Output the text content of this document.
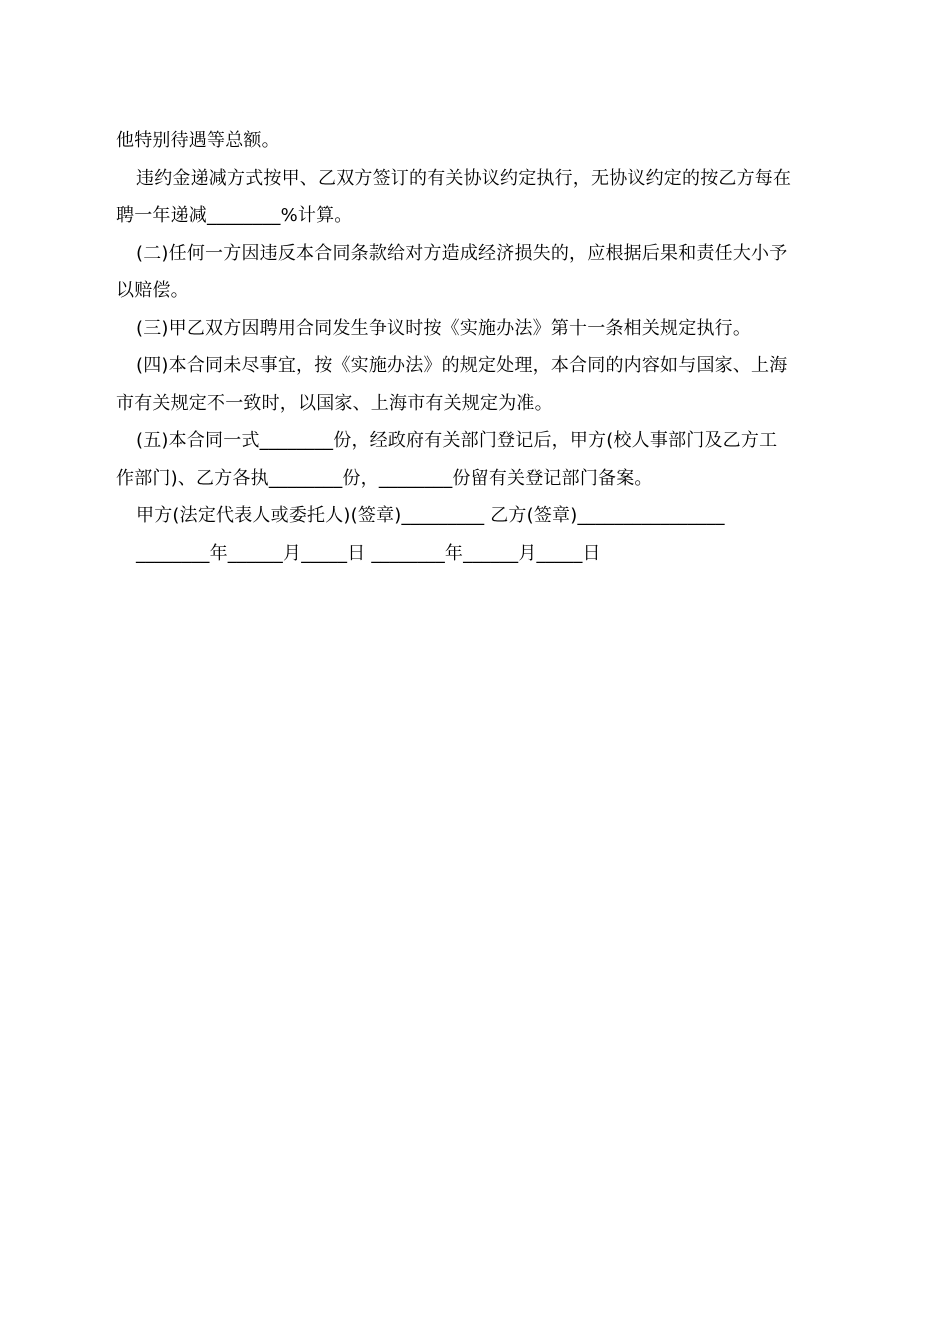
他特别待遇等总额。
违约金递减方式按甲、乙双方签订的有关协议约定执行，无协议约定的按乙方每在
聘一年递减________%计算。
(二)任何一方因违反本合同条款给对方造成经济损失的，应根据后果和责任大小予
以赔偿。
(三)甲乙双方因聘用合同发生争议时按《实施办法》第十一条相关规定执行。
(四)本合同未尽事宜，按《实施办法》的规定处理，本合同的内容如与国家、上海
市有关规定不一致时，以国家、上海市有关规定为准。
(五)本合同一式________份，经政府有关部门登记后，甲方(校人事部门及乙方工
作部门)、乙方各执________份，________份留有关登记部门备案。
甲方(法定代表人或委托人)(签章)_________ 乙方(签章)________________
________年______月_____日 ________年______月_____日
